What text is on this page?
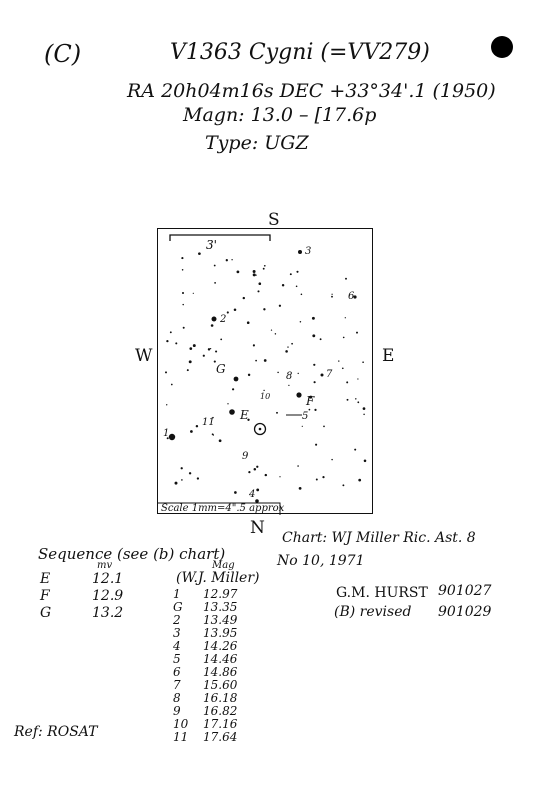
(C)	V1363 Cygni (=VV279)
RA 20h04m16s DEC +33°34'.1 (1950)
Magn: 13.0 – [17.6p
Type: UGZ
S
N
W	E
3'
1
2
3
4
5
6
7
8
9
10
11
E
F
G
Scale 1mm=4".5 approx
Chart: WJ Miller Ric. Ast. 8
No 10, 1971
G.M. HURST 901027
(B) revised 901029
Sequence (see (b) chart)
mv	Mag
(W.J. Miller)
E	12.1
F	12.9
G	13.2
1	12.97
G	13.35
2	13.49
3	13.95
4	14.26
5	14.46
6	14.86
7	15.60
8	16.18
9	16.82
10	17.16
11	17.64
Ref: ROSAT
